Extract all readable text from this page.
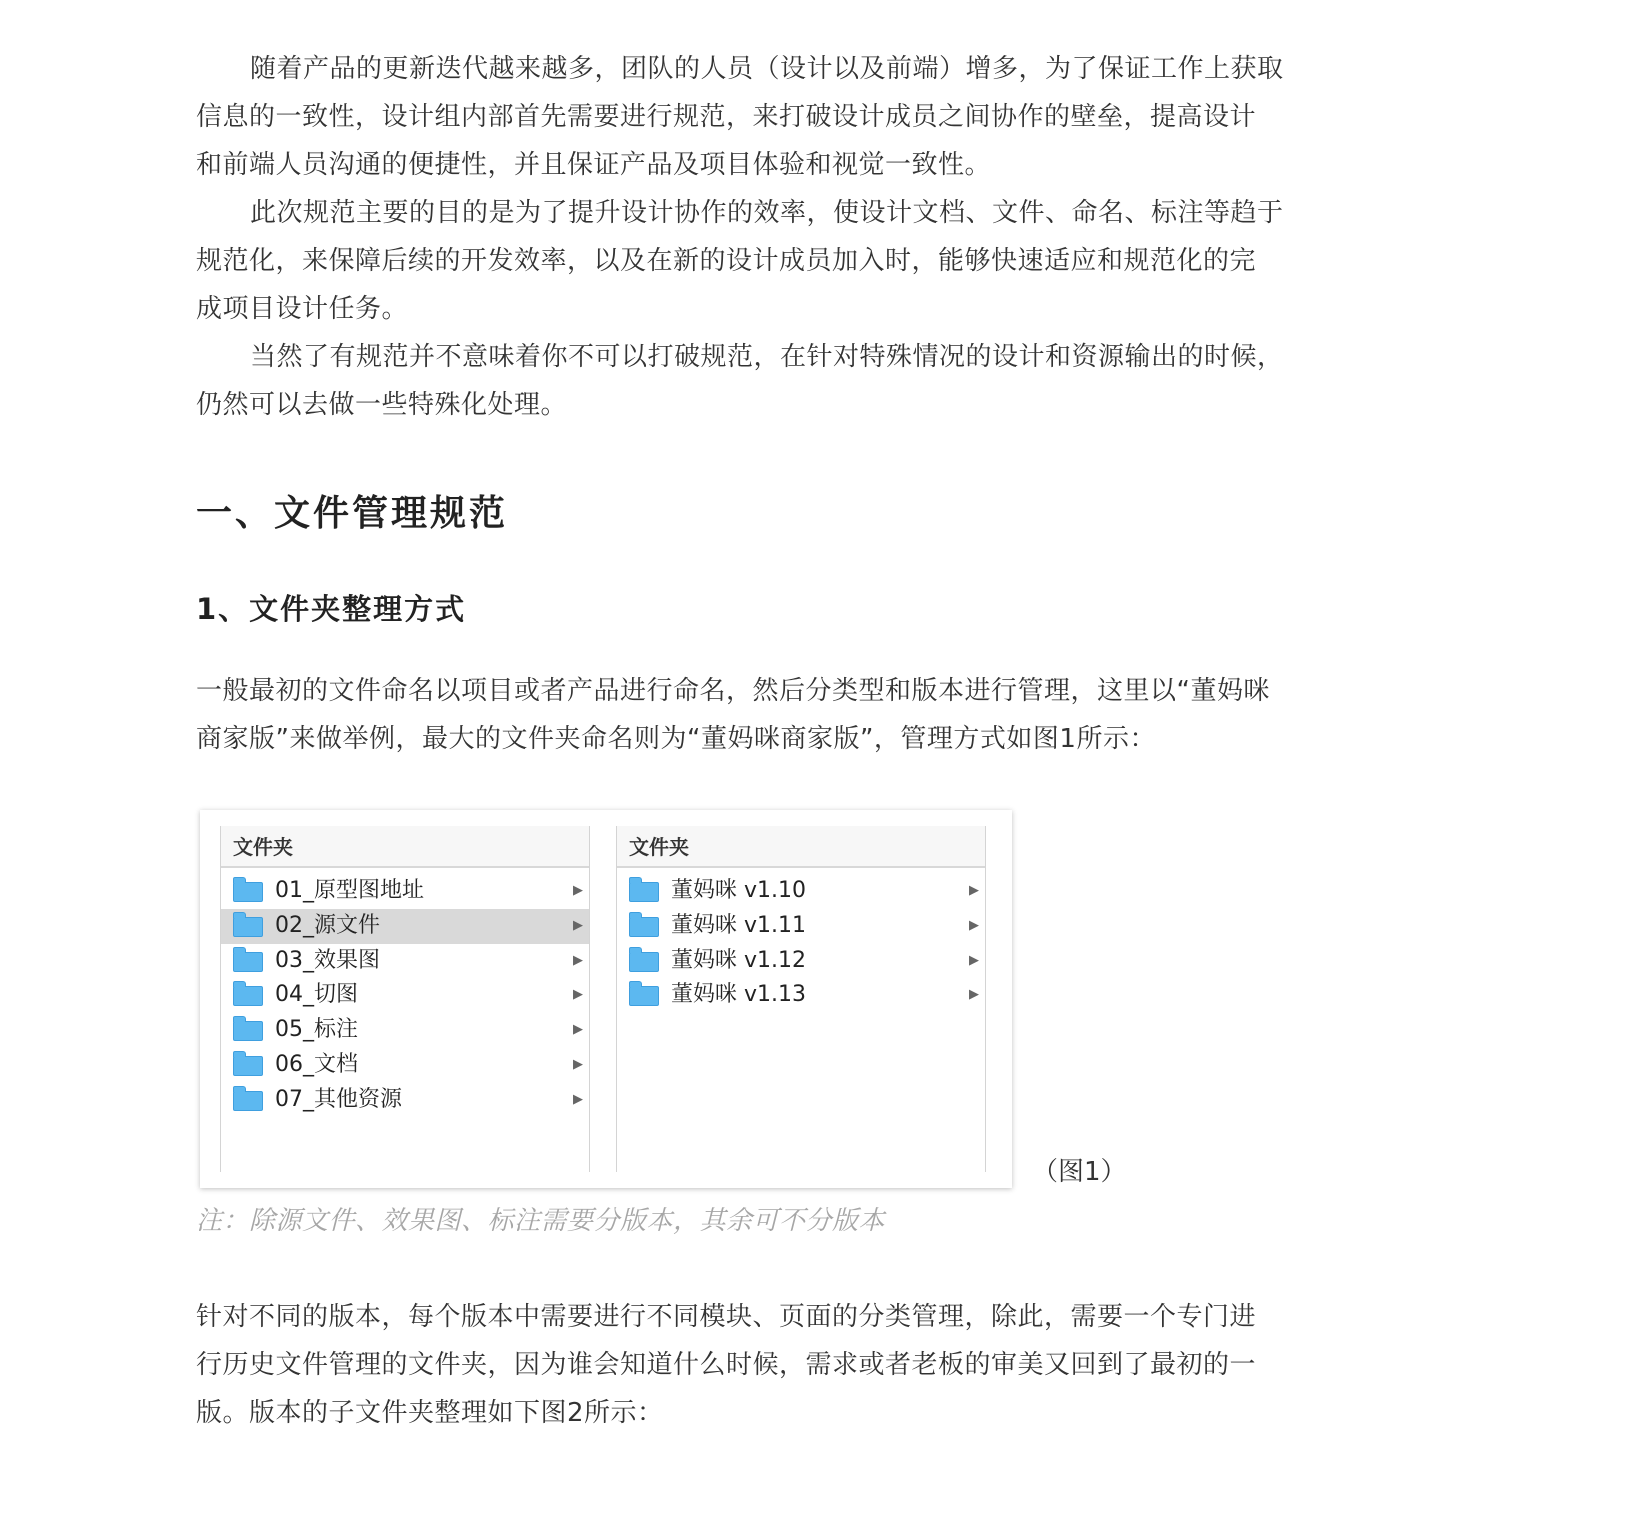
随着产品的更新迭代越来越多，团队的人员（设计以及前端）增多，为了保证工作上获取
信息的一致性，设计组内部首先需要进行规范，来打破设计成员之间协作的壁垒，提高设计
和前端人员沟通的便捷性，并且保证产品及项目体验和视觉一致性。

此次规范主要的目的是为了提升设计协作的效率，使设计文档、文件、命名、标注等趋于
规范化，来保障后续的开发效率，以及在新的设计成员加入时，能够快速适应和规范化的完
成项目设计任务。

当然了有规范并不意味着你不可以打破规范，在针对特殊情况的设计和资源输出的时候，
仍然可以去做一些特殊化处理。

一、文件管理规范
1、文件夹整理方式

一般最初的文件命名以项目或者产品进行命名，然后分类型和版本进行管理，这里以“董妈咪
商家版”来做举例，最大的文件夹命名则为“董妈咪商家版”，管理方式如图1所示：

针对不同的版本，每个版本中需要进行不同模块、页面的分类管理，除此，需要一个专门进
行历史文件管理的文件夹，因为谁会知道什么时候，需求或者老板的审美又回到了最初的一
版。版本的子文件夹整理如下图2所示：

文件夹
01_原型图地址	▶
02_源文件	▶
03_效果图	▶
04_切图	▶
05_标注	▶
06_文档	▶
07_其他资源	▶
文件夹
董妈咪 v1.10	▶
董妈咪 v1.11	▶
董妈咪 v1.12	▶
董妈咪 v1.13	▶
（图1）
注：除源文件、效果图、标注需要分版本，其余可不分版本
